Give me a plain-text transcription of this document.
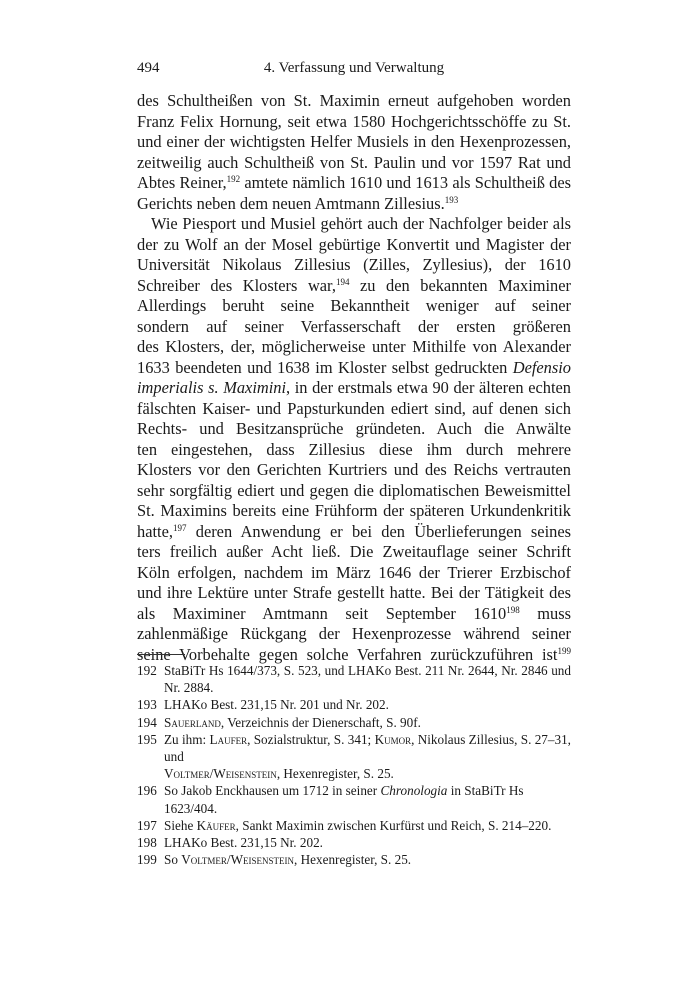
494	4. Verfassung und Verwaltung
des Schultheißen von St. Maximin erneut aufgehoben worden
Franz Felix Hornung, seit etwa 1580 Hochgerichtsschöffe zu St.
und einer der wichtigsten Helfer Musiels in den Hexenprozessen,
zeitweilig auch Schultheiß von St. Paulin und vor 1597 Rat und
Abtes Reiner,$^{192}$ amtete nämlich 1610 und 1613 als Schultheiß des
Gerichts neben dem neuen Amtmann Zillesius.$^{193}$
Wie Piesport und Musiel gehört auch der Nachfolger beider als
der zu Wolf an der Mosel gebürtige Konvertit und Magister der
Universität Nikolaus Zillesius (Zilles, Zyllesius), der 1610
Schreiber des Klosters war,$^{194}$ zu den bekannten Maximiner
Allerdings beruht seine Bekanntheit weniger auf seiner
sondern auf seiner Verfasserschaft der ersten größeren
des Klosters, der, möglicherweise unter Mithilfe von Alexander
1633 beendeten und 1638 im Kloster selbst gedruckten Defensio
imperialis s. Maximini, in der erstmals etwa 90 der älteren echten
fälschten Kaiser- und Papsturkunden ediert sind, auf denen sich
Rechts- und Besitzansprüche gründeten. Auch die Anwälte
ten eingestehen, dass Zillesius diese ihm durch mehrere
Klosters vor den Gerichten Kurtriers und des Reichs vertrauten
sehr sorgfältig ediert und gegen die diplomatischen Beweismittel
St. Maximins bereits eine Frühform der späteren Urkundenkritik
hatte,$^{197}$ deren Anwendung er bei den Überlieferungen seines
ters freilich außer Acht ließ. Die Zweitauflage seiner Schrift
Köln erfolgen, nachdem im März 1646 der Trierer Erzbischof
und ihre Lektüre unter Strafe gestellt hatte. Bei der Tätigkeit des
als Maximiner Amtmann seit September 1610$^{198}$ muss
zahlenmäßige Rückgang der Hexenprozesse während seiner
seine Vorbehalte gegen solche Verfahren zurückzuführen ist$^{199}$
192 StaBiTr Hs 1644/373, S. 523, und LHAKo Best. 211 Nr. 2644, Nr. 2846 und
Nr. 2884.
193 LHAKo Best. 231,15 Nr. 201 und Nr. 202.
194 Sauerland, Verzeichnis der Dienerschaft, S. 90f.
195 Zu ihm: Laufer, Sozialstruktur, S. 341; Kumor, Nikolaus Zillesius, S. 27–31, und
Voltmer/Weisenstein, Hexenregister, S. 25.
196 So Jakob Enckhausen um 1712 in seiner Chronologia in StaBiTr Hs 1623/404.
197 Siehe Käufer, Sankt Maximin zwischen Kurfürst und Reich, S. 214–220.
198 LHAKo Best. 231,15 Nr. 202.
199 So Voltmer/Weisenstein, Hexenregister, S. 25.
